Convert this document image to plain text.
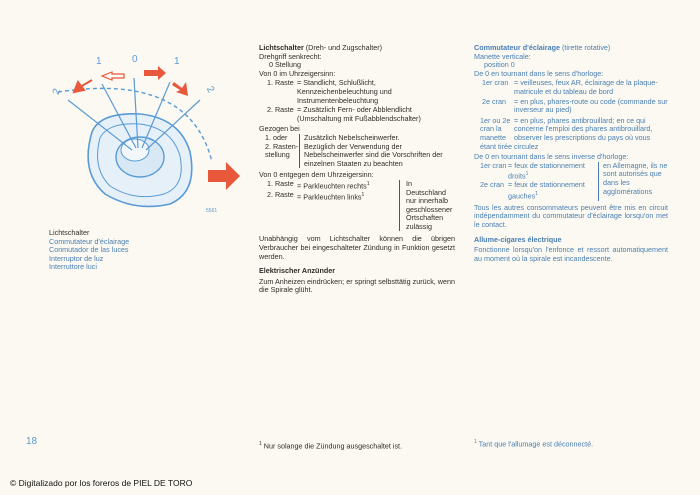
1	0	1
2	2
5561
Lichtschalter
Commutateur d'éclairage
Conmutador de las luces
Interruptor de luz
Interruttore luci
Lichtschalter (Dreh- und Zugschalter)
Drehgriff senkrecht:
0 Stellung
Von 0 im Uhrzeigersinn:
1. Raste = Standlicht, Schlußlicht, Kennzeichenbeleuchtung und Instrumentenbeleuchtung
2. Raste = Zusätzlich Fern- oder Abblendlicht (Umschaltung mit Fußabblendschalter)
Gezogen bei
1. oder
2. Rasten-stellung
Zusätzlich Nebelscheinwerfer.
Bezüglich der Verwendung der Nebelscheinwerfer sind die Vorschriften der einzelnen Staaten zu beachten
Von 0 entgegen dem Uhrzeigersinn:
1. Raste = Parkleuchten rechts$^1$
2. Raste = Parkleuchten links$^1$
In Deutschland nur innerhalb geschlossener Ortschaften zulässig
Unabhängig vom Lichtschalter können die übrigen Verbraucher bei eingeschalteter Zündung in Funktion gesetzt werden.
Elektrischer Anzünder
Zum Anheizen eindrücken; er springt selbsttätig zurück, wenn die Spirale glüht.
Commutateur d'éclairage (tirette rotative)
Manette verticale:
position 0
De 0 en tournant dans le sens d'horloge:
1er cran = veilleuses, feux AR, éclairage de la plaque-matricule et du tableau de bord
2e cran	= en plus, phares-route ou code (commande sur inverseur au pied)
1er ou 2e cran la manette étant tirée
= en plus, phares antibrouillard; en ce qui concerne l'emploi des phares antibrouillard, observer les prescriptions du pays où vous circulez
De 0 en tournant dans le sens inverse d'horloge:
1er cran = feux de stationnement droits$^1$
2e cran = feux de stationnement gauches$^1$
en Allemagne, ils ne sont autorisés que dans les agglomérations
Tous les autres consommateurs peuvent être mis en circuit indépendamment du commutateur d'éclairage lorsqu'on met le contact.
Allume-cigares électrique
Fonctionne lorsqu'on l'enfonce et ressort automatiquement au moment où la spirale est incandescente.
18	$^1$ Nur solange die Zündung ausgeschaltet ist.	$^1$ Tant que l'allumage est déconnecté.
© Digitalizado por los foreros de PIEL DE TORO
